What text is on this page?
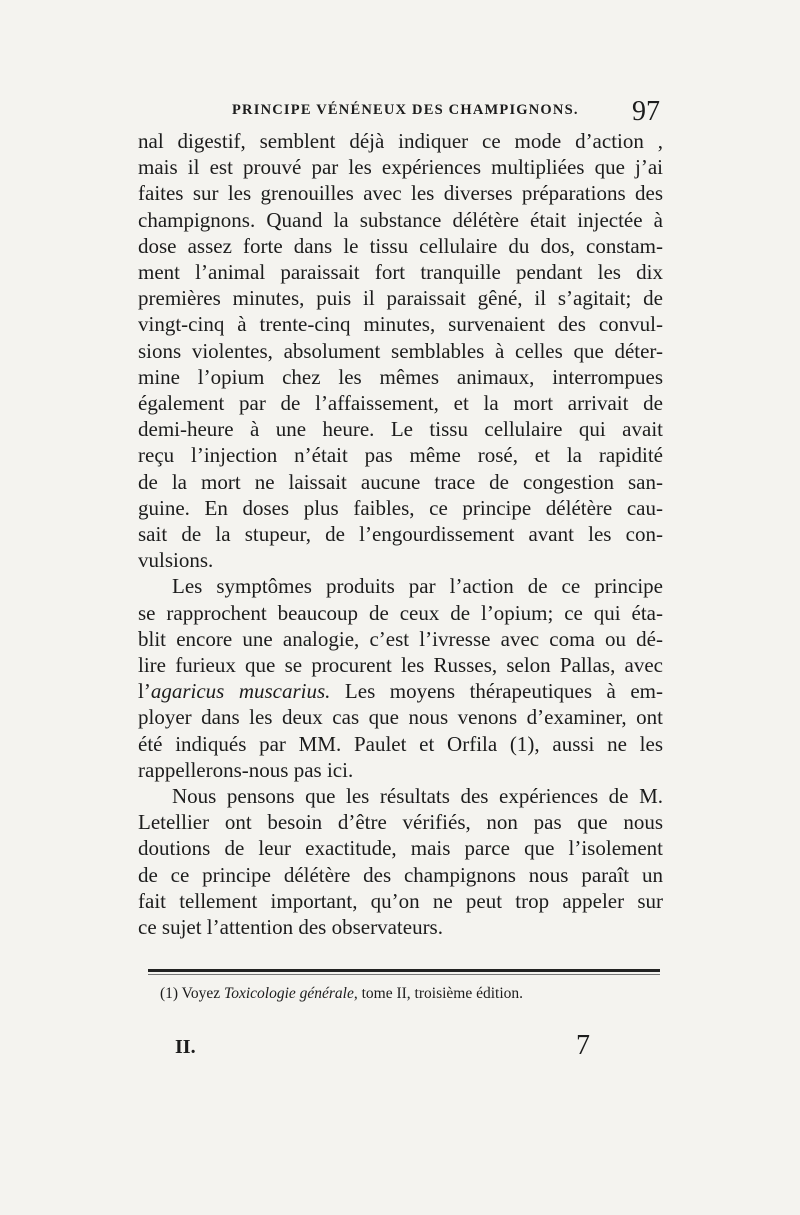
PRINCIPE VÉNÉNEUX DES CHAMPIGNONS. 97
nal digestif, semblent déjà indiquer ce mode d’action ,
mais il est prouvé par les expériences multipliées que j’ai
faites sur les grenouilles avec les diverses préparations des
champignons. Quand la substance délétère était injectée à
dose assez forte dans le tissu cellulaire du dos, constam-
ment l’animal paraissait fort tranquille pendant les dix
premières minutes, puis il paraissait gêné, il s’agitait; de
vingt-cinq à trente-cinq minutes, survenaient des convul-
sions violentes, absolument semblables à celles que déter-
mine l’opium chez les mêmes animaux, interrompues
également par de l’affaissement, et la mort arrivait de
demi-heure à une heure. Le tissu cellulaire qui avait
reçu l’injection n’était pas même rosé, et la rapidité
de la mort ne laissait aucune trace de congestion san-
guine. En doses plus faibles, ce principe délétère cau-
sait de la stupeur, de l’engourdissement avant les con-
vulsions.
Les symptômes produits par l’action de ce principe
se rapprochent beaucoup de ceux de l’opium; ce qui éta-
blit encore une analogie, c’est l’ivresse avec coma ou dé-
lire furieux que se procurent les Russes, selon Pallas, avec
l’agaricus muscarius. Les moyens thérapeutiques à em-
ployer dans les deux cas que nous venons d’examiner, ont
été indiqués par MM. Paulet et Orfila (1), aussi ne les
rappellerons-nous pas ici.
Nous pensons que les résultats des expériences de M.
Letellier ont besoin d’être vérifiés, non pas que nous
doutions de leur exactitude, mais parce que l’isolement
de ce principe délétère des champignons nous paraît un
fait tellement important, qu’on ne peut trop appeler sur
ce sujet l’attention des observateurs.
(1) Voyez Toxicologie générale, tome II, troisième édition.
II.	7
